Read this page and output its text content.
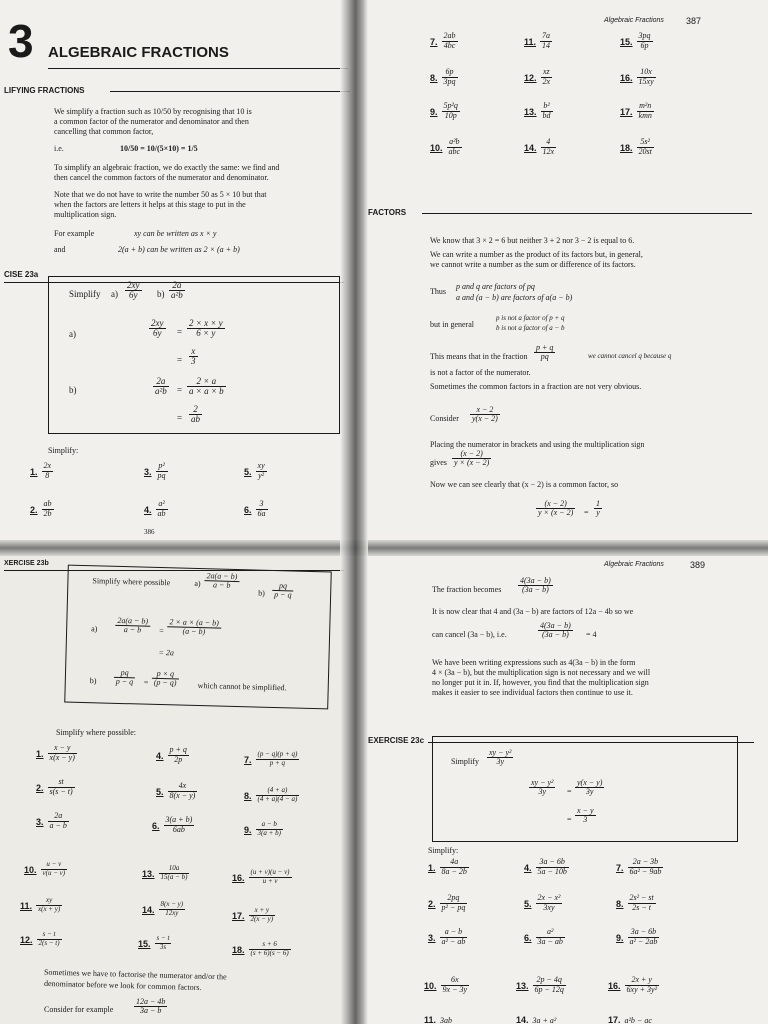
3 ALGEBRAIC FRACTIONS
LIFYING FRACTIONS
We simplify a fraction such as 10/50 by recognising that 10 is
a common factor of the numerator and denominator and then
cancelling that common factor,
i.e.	10/50 = 10/(5×10) = 1/5
To simplify an algebraic fraction, we do exactly the same: we find and
then cancel the common factors of the numerator and denominator.
Note that we do not have to write the number 50 as 5 × 10 but that
when the factors are letters it helps at this stage to put in the
multiplication sign.
For example	xy can be written as x × y
and	2(a + b) can be written as 2 × (a + b)
CISE 23a
Simplify $a) \frac{2xy}{6y} b) \frac{2a}{\text{a²b}}$
a)	$\frac{2xy}{6y} = \frac{2 \times x \times y}{6 \times y}$
= $\frac{x}{3}$
b)	$\frac{2a}{\text{a²b}} = \frac{2 \times a}{a \times a \times b}$
= $\frac{2}{ab}$
Simplify:
1. $\frac{2x}{8}$	3. $\frac{\text{p²}}{pq}$	5. $\frac{xy}{\text{y²}}$
2. $\frac{ab}{2b}$	4. $\frac{\text{a²}}{ab}$	6. $\frac{3}{6a}$
386
Algebraic Fractions 387
7. $\frac{2ab}{4bc}$	11. $\frac{7a}{14}$	15. $\frac{3pq}{6p}$
8. $\frac{6p}{3pq}$	12. $\frac{xz}{2x}$	16. $\frac{10x}{15xy}$
9. $\frac{\text{5p²q}}{10p}$	13. $\frac{\text{b²}}{bd}$	17. $\frac{\text{m²n}}{\text{kmn}}$
10. $\frac{\text{a²b}}{\text{abc}}$	14. $\frac{4}{12x}$	18. $\frac{\text{5s²}}{20st}$
FACTORS
We know that 3 × 2 = 6 but neither 3 + 2 nor 3 − 2 is equal to 6.
We can write a number as the product of its factors but, in general,
we cannot write a number as the sum or difference of its factors.
Thus
p and q are factors of pq
a and (a − b) are factors of a(a − b)
but in general
p is not a factor of p + q
b is not a factor of a − b
This means that in the fraction $\frac{p + q}{pq}$	we cannot cancel q because q
is not a factor of the numerator.
Sometimes the common factors in a fraction are not very obvious.
Consider $\frac{x - 2}{y(x - 2)}$
Placing the numerator in brackets and using the multiplication sign
gives $\frac{(x - 2)}{y \times (x - 2)}$
Now we can see clearly that (x − 2) is a common factor, so
$\frac{(x - 2)}{y \times (x - 2)} = \frac{1}{y}$
XERCISE 23b
Simplify where possible	$a) \frac{2a(a - b)}{a - b}$
$b) \frac{pq}{p - q}$
$a) \frac{2a(a - b)}{a - b} = \frac{2 \times a \times (a - b)}{(a - b)}$
= 2a
$b) \frac{pq}{p - q} = \frac{p \times q}{(p - q)}$ which cannot be simplified.
Simplify where possible:
1. $\frac{x - y}{x(x - y)}$	4. $\frac{p + q}{2p}$	7. $\frac{(p - q)(p + q)}{p + q}$
2. $\frac{st}{s(s - t)}$	5. $\frac{4x}{8(x - y)}$	8. $\frac{(4 + a)}{(4 + a)(4 - a)}$
3. $\frac{2a}{a - b}$	6. $\frac{3(a + b)}{6ab}$	9. $\frac{a - b}{3(a + b)}$
10. $\frac{u - v}{v(u - v)}$	13. $\frac{10a}{15(a - b)}$	16. $\frac{(u + v)(u - v)}{u + v}$
11. $\frac{xy}{x(x + y)}$	14. $\frac{8(x - y)}{12xy}$	17. $\frac{x + y}{2(x - y)}$
12. $\frac{s - t}{2(s - t)}$	15. $\frac{s - t}{3s}$	18. $\frac{s + 6}{(s + 6)(s - 6)}$
Sometimes we have to factorise the numerator and/or the
denominator before we look for common factors.
Consider for example	$\frac{12a - 4b}{3a - b}$
Algebraic Fractions	389
The fraction becomes $\frac{4(3a - b)}{(3a - b)}$
It is now clear that 4 and (3a − b) are factors of 12a − 4b so we
can cancel (3a − b), i.e.	$\frac{4(3a - b)}{(3a - b)} = 4$
We have been writing expressions such as 4(3a − b) in the form
4 × (3a − b), but the multiplication sign is not necessary and we will
no longer put it in. If, however, you find that the multiplication sign
makes it easier to see individual factors then continue to use it.
EXERCISE 23c
Simplify $\frac{\text{xy − y²}}{3y}$
$\frac{\text{xy − y²}}{3y} = \frac{y(x - y)}{3y}$
= $\frac{x - y}{3}$
Simplify:
1. $\frac{4a}{8a - 2b}$	4. $\frac{3a - 6b}{5a - 10b}$	7. $\frac{2a - 3b}{\text{6a² − 9ab}}$
2. $\frac{2pq}{\text{p² − pq}}$	5. $\frac{\text{2x − x²}}{3xy}$	8. $\frac{\text{2s² − st}}{2s - t}$
3. $\frac{a - b}{\text{a² − ab}}$	6. $\frac{\text{a²}}{3a - ab}$	9. $\frac{3a - 6b}{\text{a² − 2ab}}$
10. $\frac{6x}{9x - 3y}$	13. $\frac{2p - 4q}{6p - 12q}$	16. $\frac{2x + y}{\text{6xy + 3y²}}$
11. 3ab	14. 3a + a²	17. a²b − ac
